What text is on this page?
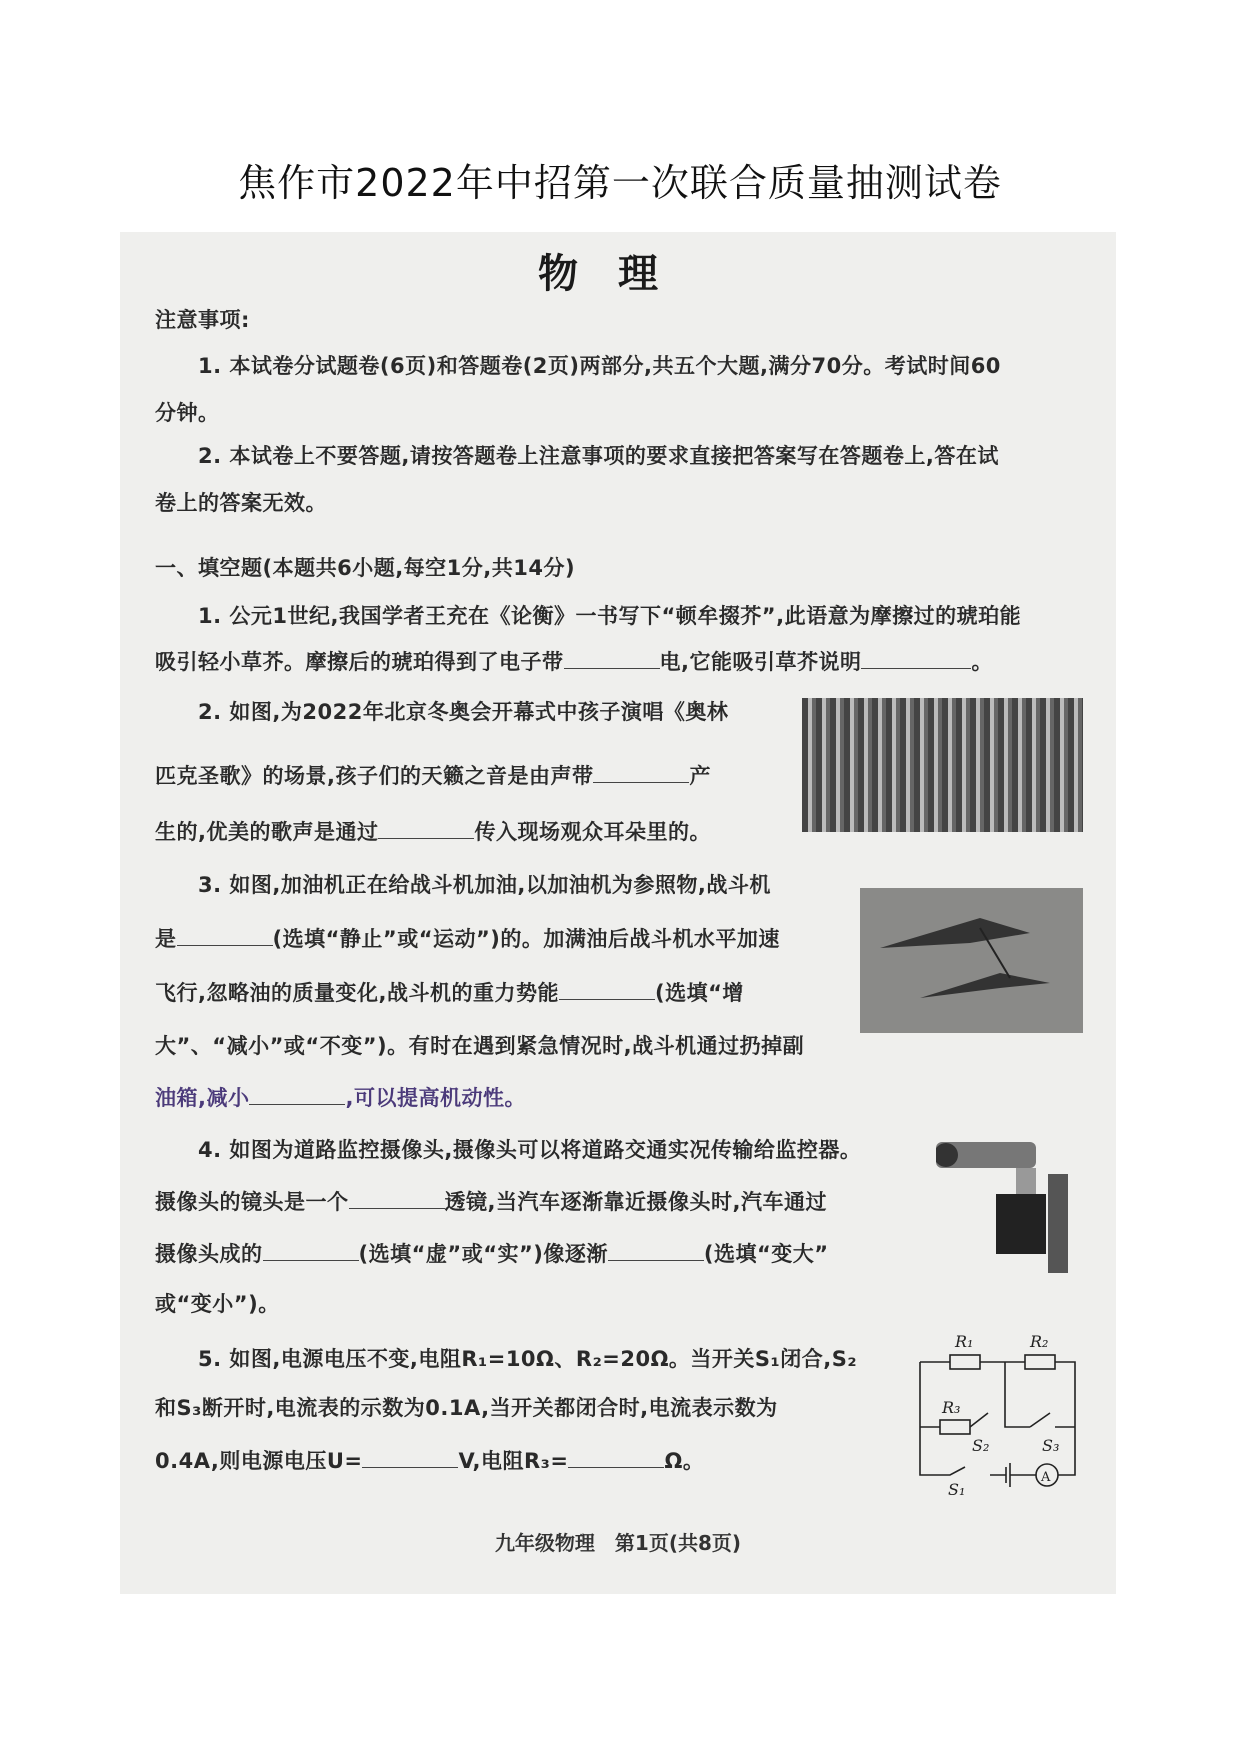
焦作市2022年中招第一次联合质量抽测试卷
物理
注意事项:
1. 本试卷分试题卷(6页)和答题卷(2页)两部分,共五个大题,满分70分。考试时间60
分钟。
2. 本试卷上不要答题,请按答题卷上注意事项的要求直接把答案写在答题卷上,答在试
卷上的答案无效。
一、填空题(本题共6小题,每空1分,共14分)
1. 公元1世纪,我国学者王充在《论衡》一书写下“顿牟掇芥”,此语意为摩擦过的琥珀能
吸引轻小草芥。摩擦后的琥珀得到了电子带	电,它能吸引草芥说明	。
2. 如图,为2022年北京冬奥会开幕式中孩子演唱《奥林
匹克圣歌》的场景,孩子们的天籁之音是由声带	产
生的,优美的歌声是通过	传入现场观众耳朵里的。
3. 如图,加油机正在给战斗机加油,以加油机为参照物,战斗机
是	(选填“静止”或“运动”)的。加满油后战斗机水平加速
飞行,忽略油的质量变化,战斗机的重力势能	(选填“增
大”、“减小”或“不变”)。有时在遇到紧急情况时,战斗机通过扔掉副
油箱,减小	,可以提高机动性。
4. 如图为道路监控摄像头,摄像头可以将道路交通实况传输给监控器。
摄像头的镜头是一个	透镜,当汽车逐渐靠近摄像头时,汽车通过
摄像头成的	(选填“虚”或“实”)像逐渐	(选填“变大”
或“变小”)。
5. 如图,电源电压不变,电阻R₁=10Ω、R₂=20Ω。当开关S₁闭合,S₂
和S₃断开时,电流表的示数为0.1A,当开关都闭合时,电流表示数为
0.4A,则电源电压U=	V,电阻R₃=	Ω。
R₁	R₂
R₃
S₂	S₃
S₁
A
九年级物理　第1页(共8页)
